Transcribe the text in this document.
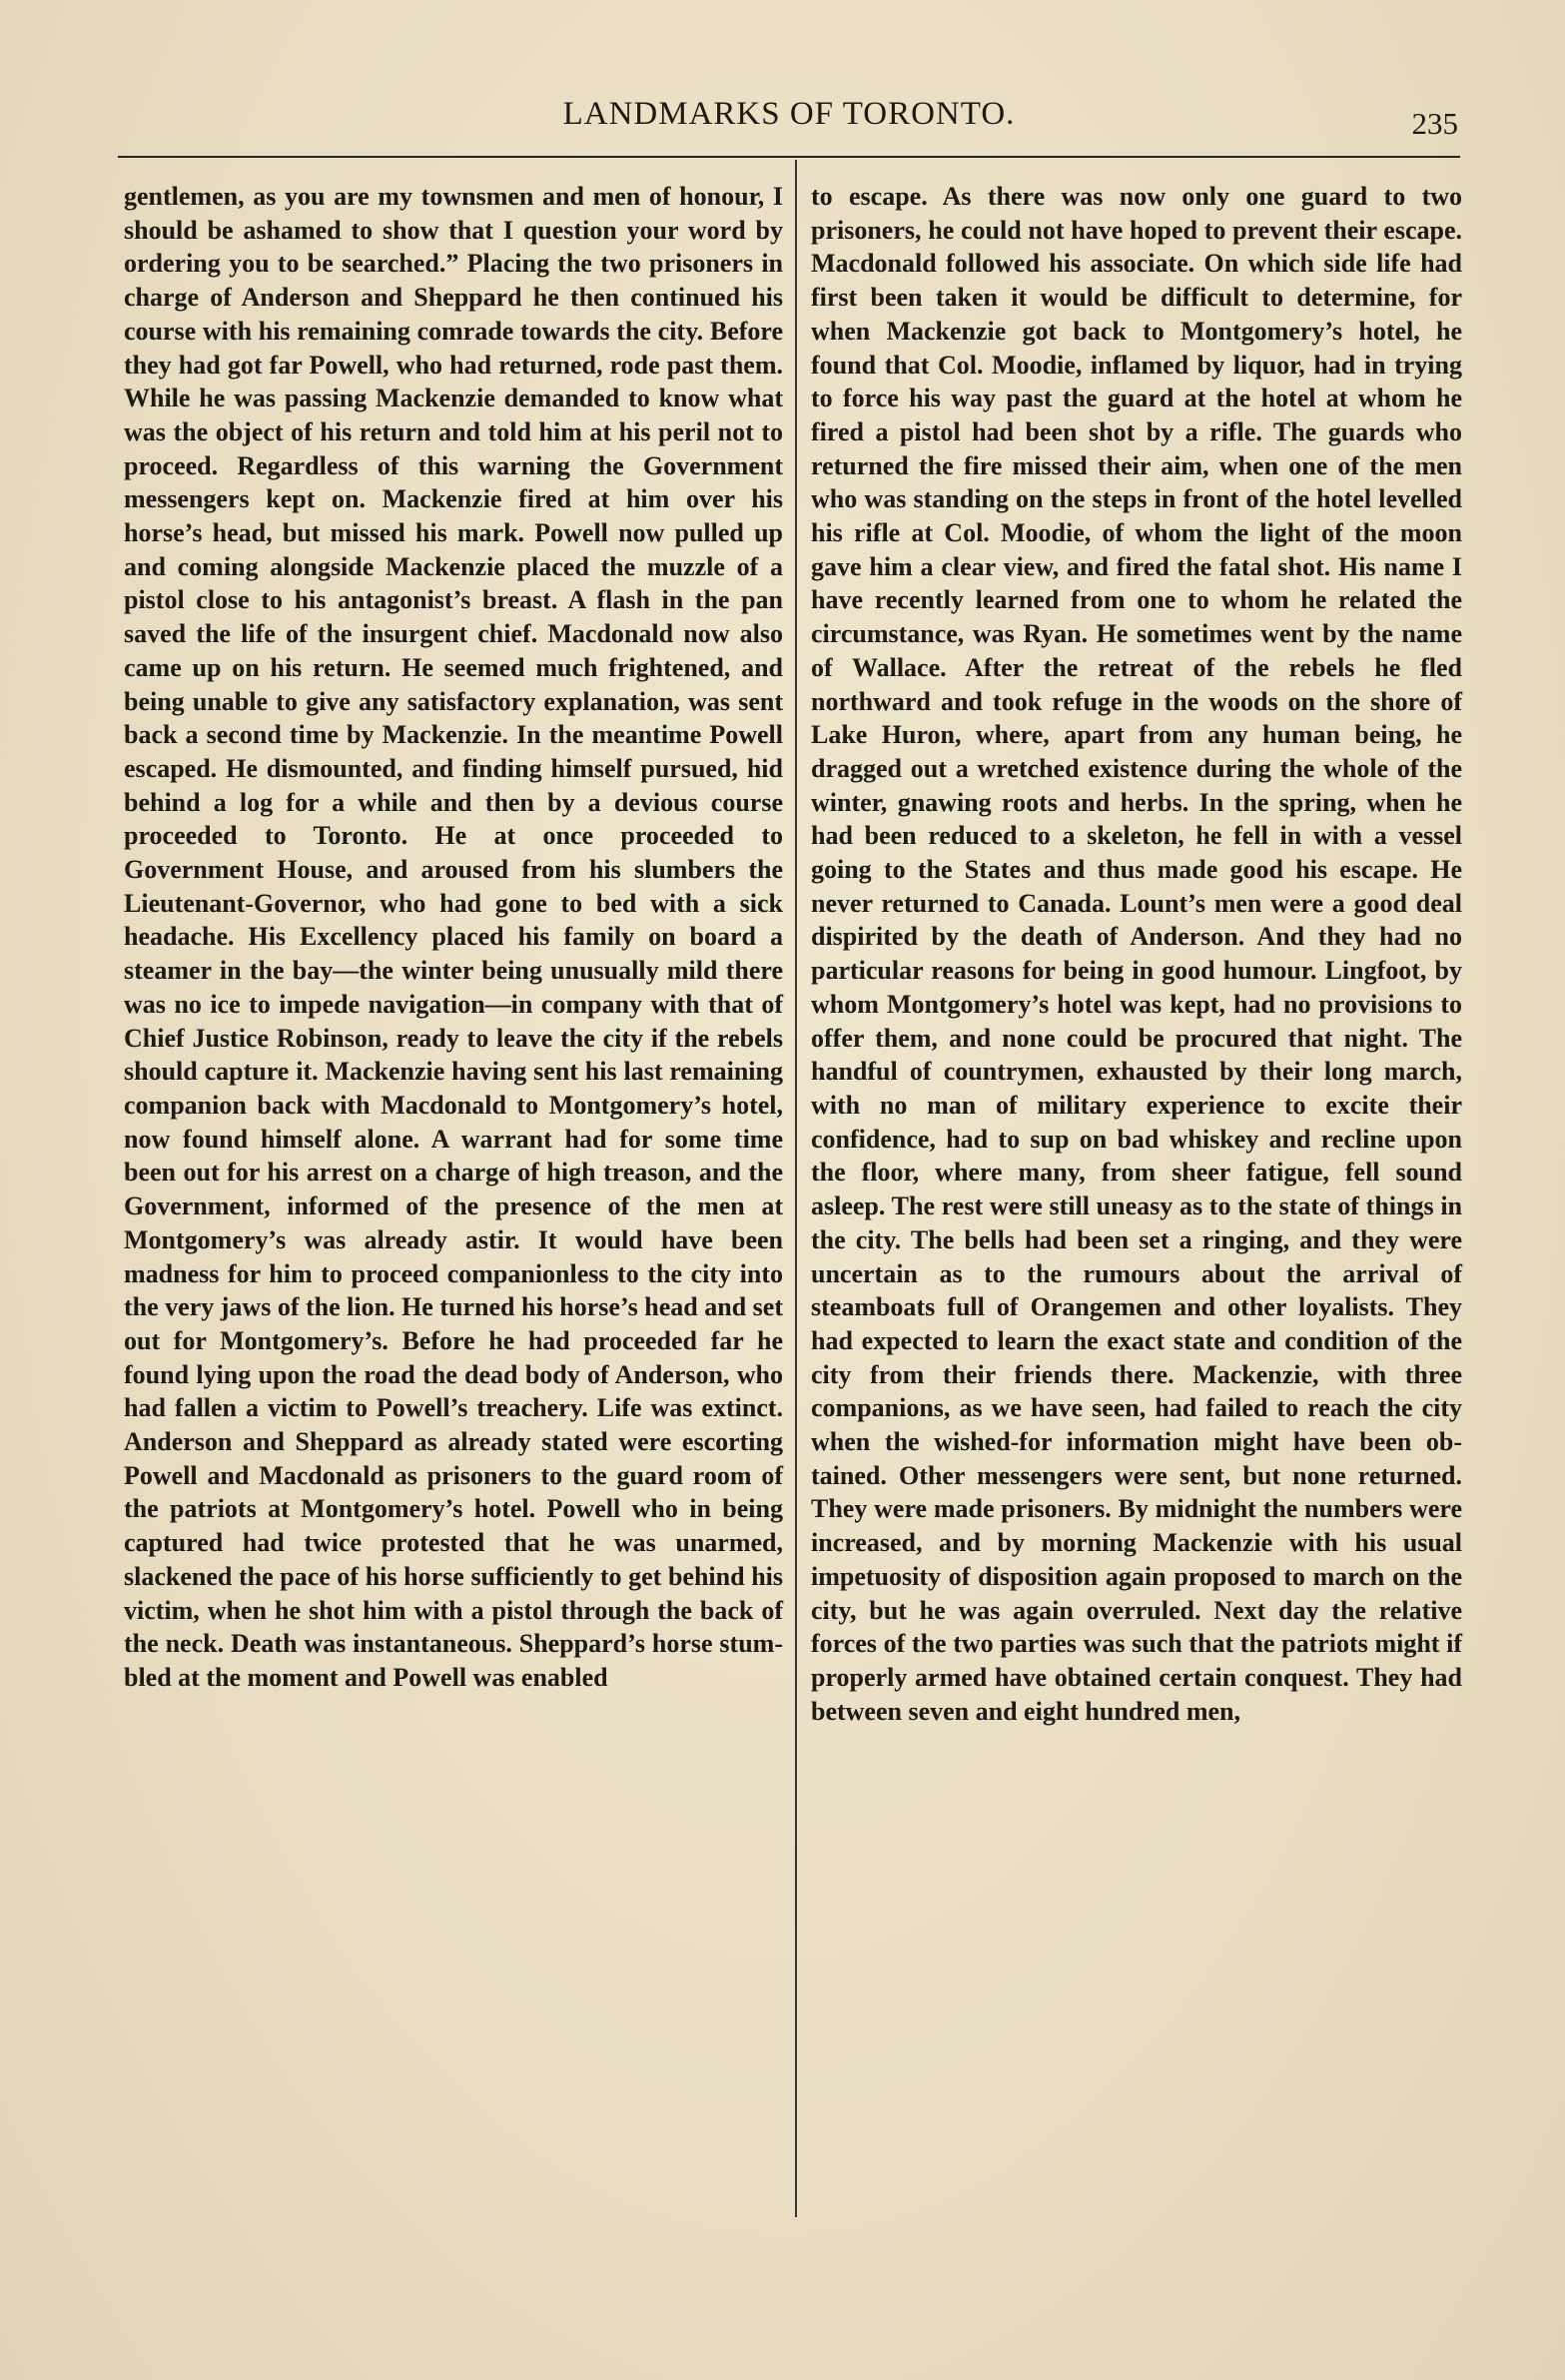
LANDMARKS OF TORONTO.	235

gentlemen, as you are my townsmen and men of honour, I should be ashamed to show that I question your word by ordering you to be searched.” Placing the two prisoners in charge of Anderson and Sheppard he then continued his course with his remaining comrade towards the city. Before they had got far Powell, who had returned, rode past them. While he was passing Mackenzie demanded to know what was the object of his return and told him at his peril not to proceed. Regardless of this warning the Government messengers kept on. Mackenzie fired at him over his horse’s head, but missed his mark. Powell now pulled up and coming alongside Mackenzie placed the muzzle of a pistol close to his antagonist’s breast. A flash in the pan saved the life of the insurgent chief. Macdonald now also came up on his return. He seemed much frightened, and being unable to give any satisfactory explanation, was sent back a second time by Mackenzie. In the meantime Powell escaped. He dismounted, and finding himself pursued, hid behind a log for a while and then by a devious course proceeded to Toronto. He at once proceeded to Government House, and aroused from his slumbers the Lieutenant-Governor, who had gone to bed with a sick headache. His Excellency placed his family on board a steamer in the bay—the winter being unusually mild there was no ice to impede navigation—in company with that of Chief Justice Robinson, ready to leave the city if the rebels should capture it. Mackenzie having sent his last remaining companion back with Macdonald to Montgomery’s hotel, now found himself alone. A warrant had for some time been out for his arrest on a charge of high treason, and the Government, informed of the presence of the men at Montgomery’s was already astir. It would have been madness for him to proceed companionless to the city into the very jaws of the lion. He turned his horse’s head and set out for Montgomery’s. Before he had proceeded far he found lying upon the road the dead body of Anderson, who had fallen a victim to Powell’s treachery. Life was extinct. Anderson and Sheppard as already stated were escorting Powell and Macdonald as prisoners to the guard room of the patriots at Montgomery’s hotel. Powell who in being captured had twice protested that he was unarmed, slackened the pace of his horse sufficiently to get behind his victim, when he shot him with a pistol through the back of the neck. Death was instantaneous. Sheppard’s horse stumbled at the moment and Powell was enabled

to escape. As there was now only one guard to two prisoners, he could not have hoped to prevent their escape. Macdonald followed his associate. On which side life had first been taken it would be difficult to determine, for when Mackenzie got back to Montgomery’s hotel, he found that Col. Moodie, inflamed by liquor, had in trying to force his way past the guard at the hotel at whom he fired a pistol had been shot by a rifle. The guards who returned the fire missed their aim, when one of the men who was standing on the steps in front of the hotel levelled his rifle at Col. Moodie, of whom the light of the moon gave him a clear view, and fired the fatal shot. His name I have recently learned from one to whom he related the circumstance, was Ryan. He sometimes went by the name of Wallace. After the retreat of the rebels he fled northward and took refuge in the woods on the shore of Lake Huron, where, apart from any human being, he dragged out a wretched existence during the whole of the winter, gnawing roots and herbs. In the spring, when he had been reduced to a skeleton, he fell in with a vessel going to the States and thus made good his escape. He never returned to Canada. Lount’s men were a good deal dispirited by the death of Anderson. And they had no particular reasons for being in good humour. Lingfoot, by whom Montgomery’s hotel was kept, had no provisions to offer them, and none could be procured that night. The handful of countrymen, exhausted by their long march, with no man of military experience to excite their confidence, had to sup on bad whiskey and recline upon the floor, where many, from sheer fatigue, fell sound asleep. The rest were still uneasy as to the state of things in the city. The bells had been set a ringing, and they were uncertain as to the rumours about the arrival of steamboats full of Orangemen and other loyalists. They had expected to learn the exact state and condition of the city from their friends there. Mackenzie, with three companions, as we have seen, had failed to reach the city when the wished-for information might have been obtained. Other messengers were sent, but none returned. They were made prisoners. By midnight the numbers were increased, and by morning Mackenzie with his usual impetuosity of disposition again proposed to march on the city, but he was again overruled. Next day the relative forces of the two parties was such that the patriots might if properly armed have obtained certain conquest. They had between seven and eight hundred men,
